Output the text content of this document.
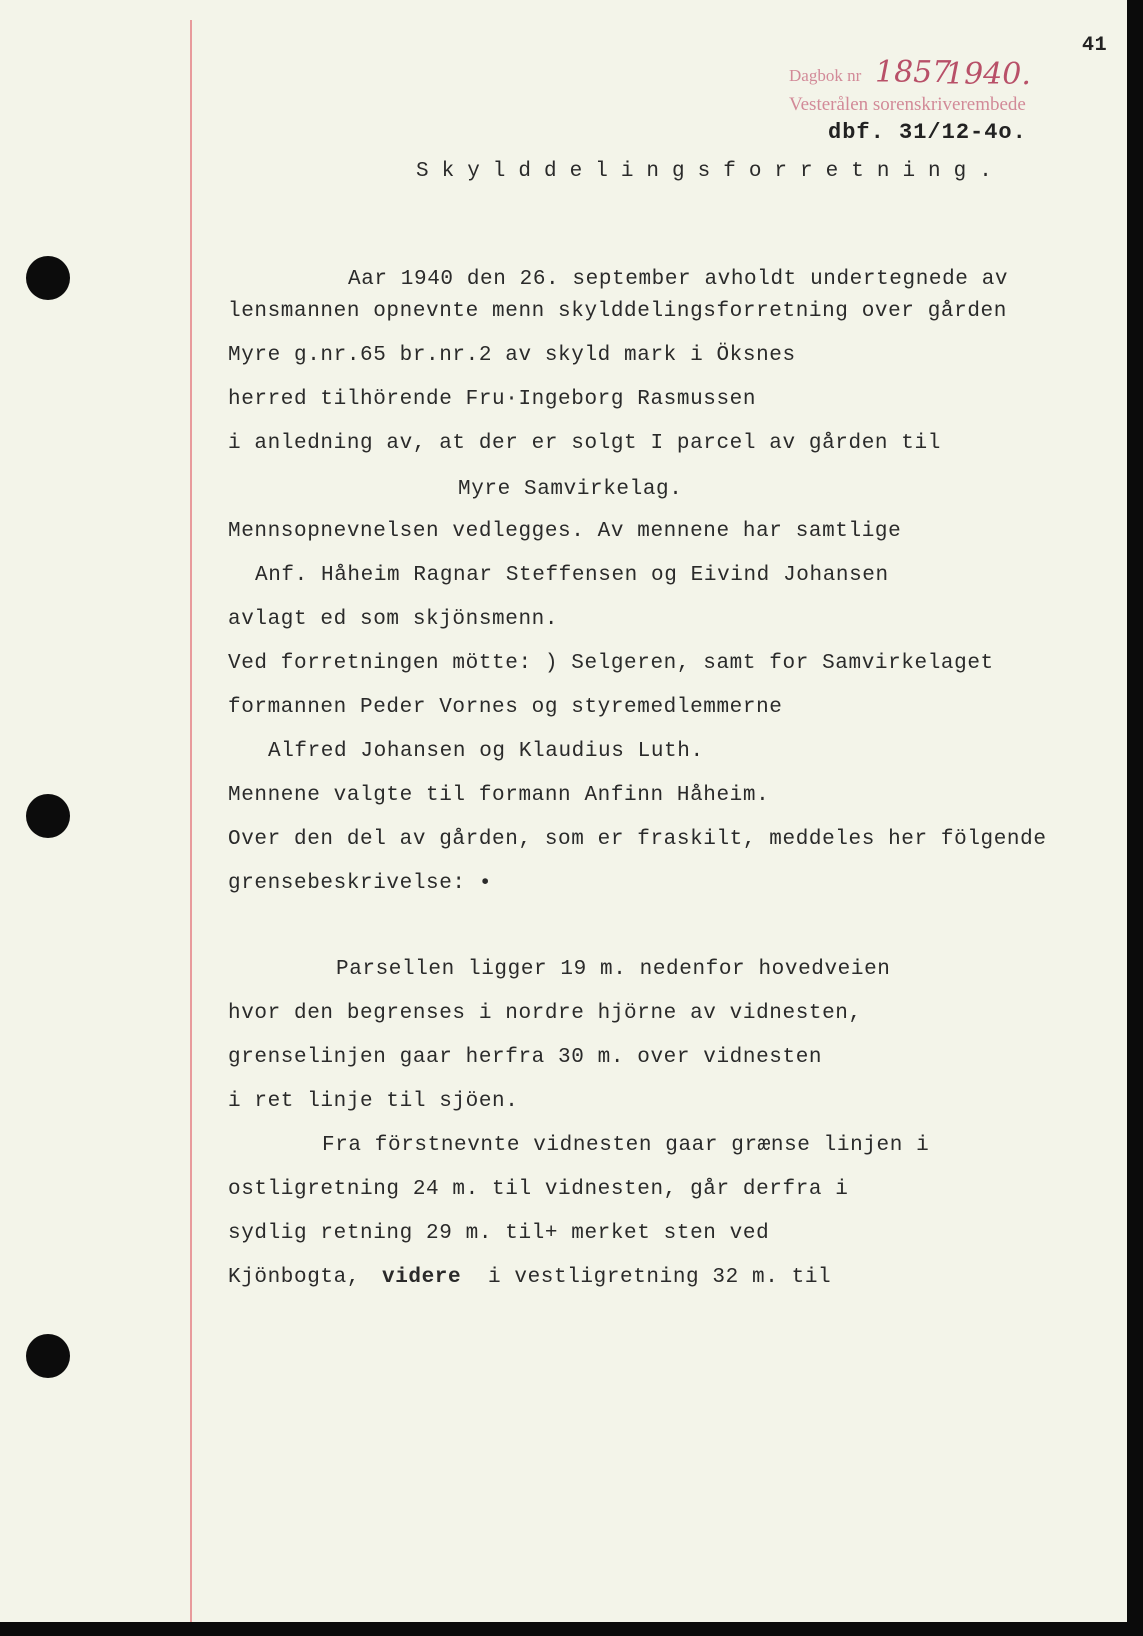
41
Dagbok nr 1857
1940.
Vesterålen sorenskriverembede
dbf. 31/12-4o.
Skylddelingsforretning.
Aar 1940 den 26. september avholdt undertegnede av
lensmannen opnevnte menn skylddelingsforretning over gården
Myre g.nr.65 br.nr.2 av skyld mark i Öksnes
herred tilhörende Fru·Ingeborg Rasmussen
i anledning av, at der er solgt I parcel av gården til
Myre Samvirkelag.
Mennsopnevnelsen vedlegges. Av mennene har samtlige
Anf. Håheim Ragnar Steffensen og Eivind Johansen
avlagt ed som skjönsmenn.
Ved forretningen mötte: ) Selgeren, samt for Samvirkelaget
formannen Peder Vornes og styremedlemmerne
Alfred Johansen og Klaudius Luth.
Mennene valgte til formann Anfinn Håheim.
Over den del av gården, som er fraskilt, meddeles her fölgende
grensebeskrivelse: •
Parsellen ligger 19 m. nedenfor hovedveien
hvor den begrenses i nordre hjörne av vidnesten,
grenselinjen gaar herfra 30 m. over vidnesten
i ret linje til sjöen.
Fra förstnevnte vidnesten gaar grænse linjen i
ostligretning 24 m. til vidnesten, går derfra i
sydlig retning 29 m. til+ merket sten ved
Kjönbogta, videre i vestligretning 32 m. til
